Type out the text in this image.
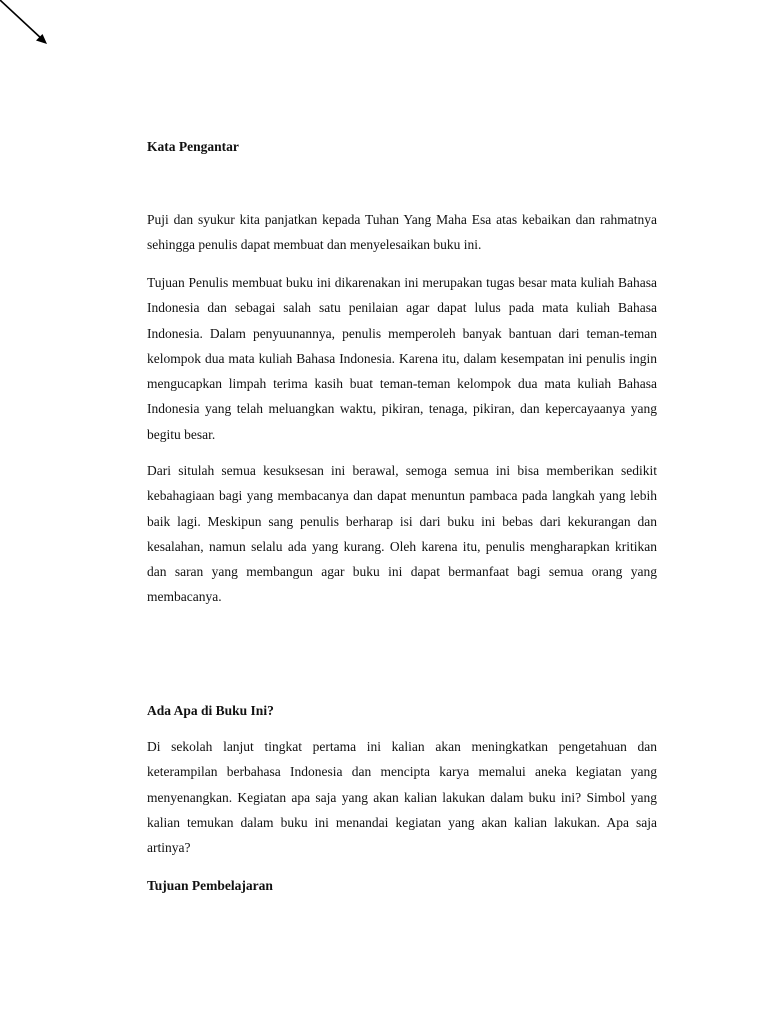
Kata Pengantar

Puji dan syukur kita panjatkan kepada Tuhan Yang Maha Esa atas kebaikan dan rahmatnya sehingga penulis dapat membuat dan menyelesaikan buku ini.

Tujuan Penulis membuat buku ini dikarenakan ini merupakan tugas besar mata kuliah Bahasa Indonesia dan sebagai salah satu penilaian agar dapat lulus pada mata kuliah Bahasa Indonesia. Dalam penyuunannya, penulis memperoleh banyak bantuan dari teman-teman kelompok dua mata kuliah Bahasa Indonesia. Karena itu, dalam kesempatan ini penulis ingin mengucapkan limpah terima kasih buat teman-teman kelompok dua mata kuliah Bahasa Indonesia yang telah meluangkan waktu, pikiran, tenaga, pikiran, dan kepercayaanya yang begitu besar.

Dari situlah semua kesuksesan ini berawal, semoga semua ini bisa memberikan sedikit kebahagiaan bagi yang membacanya dan dapat menuntun pambaca pada langkah yang lebih baik lagi. Meskipun sang penulis berharap isi dari buku ini bebas dari kekurangan dan kesalahan, namun selalu ada yang kurang. Oleh karena itu, penulis mengharapkan kritikan dan saran yang membangun agar buku ini dapat bermanfaat bagi semua orang yang membacanya.

Ada Apa di Buku Ini?

Di sekolah lanjut tingkat pertama ini kalian akan meningkatkan pengetahuan dan keterampilan berbahasa Indonesia dan mencipta karya memalui aneka kegiatan yang menyenangkan. Kegiatan apa saja yang akan kalian lakukan dalam buku ini? Simbol yang kalian temukan dalam buku ini menandai kegiatan yang akan kalian lakukan. Apa saja artinya?

Tujuan Pembelajaran
